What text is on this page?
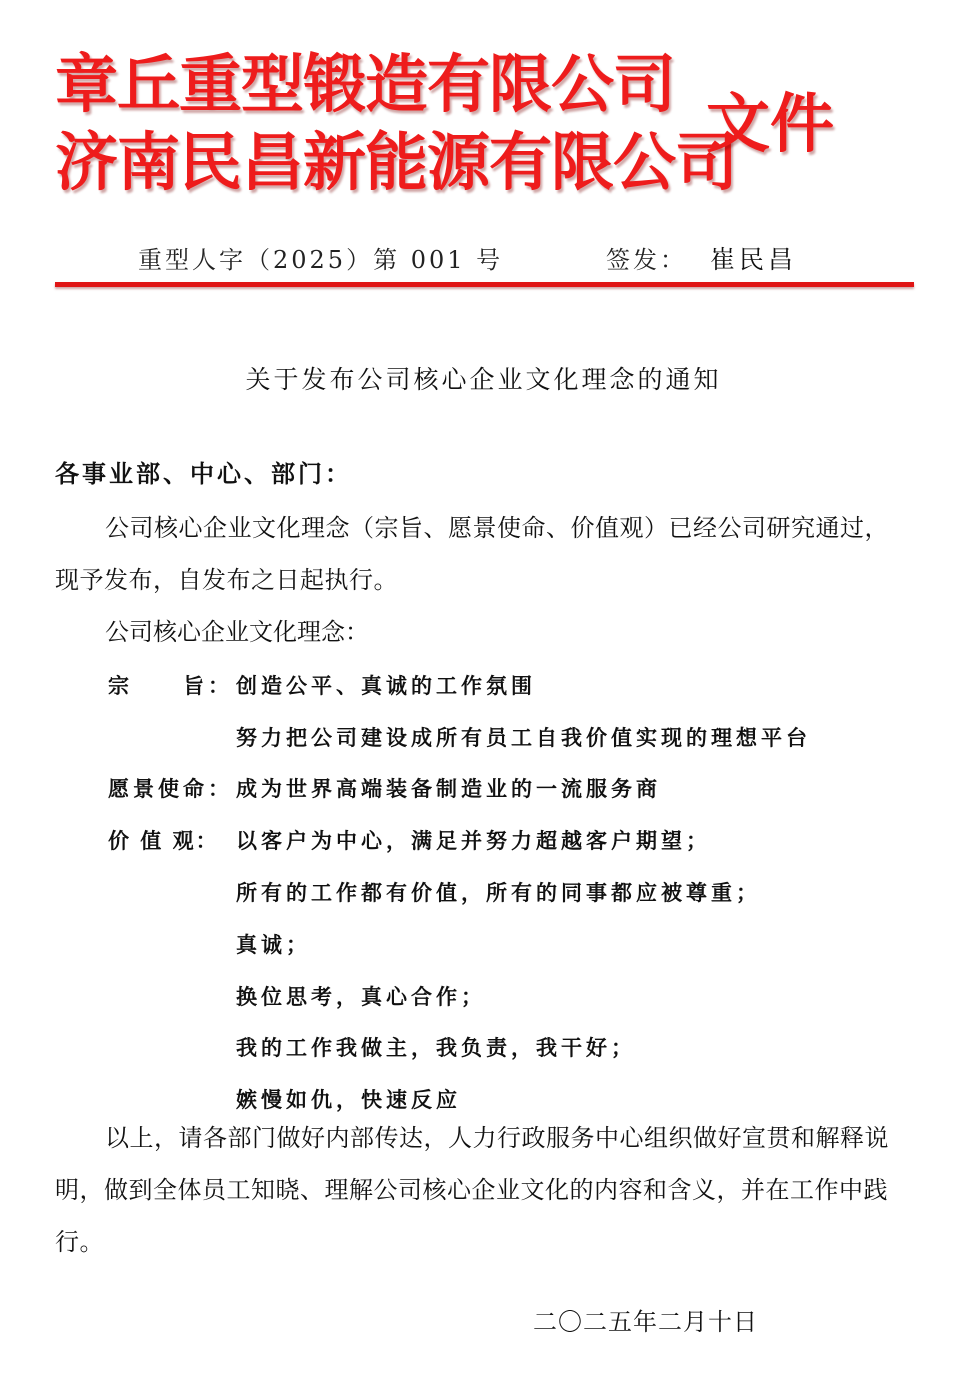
章丘重型锻造有限公司
济南民昌新能源有限公司
文件
重型人字（2025）第 001 号	签发： 崔民昌
关于发布公司核心企业文化理念的通知
各事业部、中心、部门：
公司核心企业文化理念（宗旨、愿景使命、价值观）已经公司研究通过，现予发布，自发布之日起执行。
公司核心企业文化理念：
宗　　旨： 创造公平、真诚的工作氛围
努力把公司建设成所有员工自我价值实现的理想平台
愿景使命： 成为世界高端装备制造业的一流服务商
价 值 观： 以客户为中心，满足并努力超越客户期望；
所有的工作都有价值，所有的同事都应被尊重；
真诚；
换位思考，真心合作；
我的工作我做主，我负责，我干好；
嫉慢如仇，快速反应
以上，请各部门做好内部传达，人力行政服务中心组织做好宣贯和解释说明，做到全体员工知晓、理解公司核心企业文化的内容和含义，并在工作中践行。
二〇二五年二月十日
